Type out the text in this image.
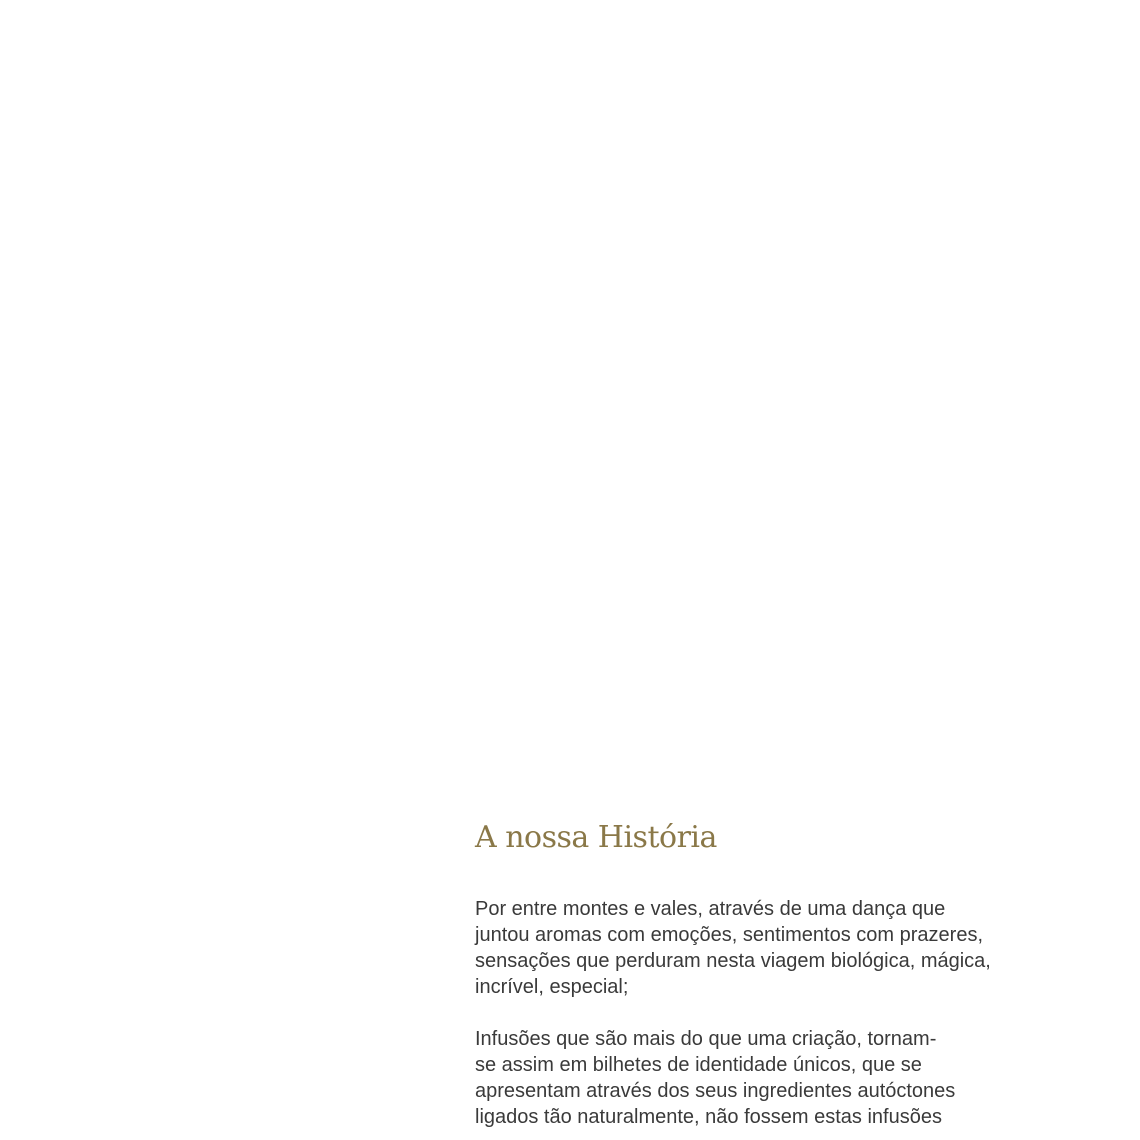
A nossa História

Por entre montes e vales, através de uma dança que
juntou aromas com emoções, sentimentos com prazeres,
sensações que perduram nesta viagem biológica, mágica,
incrível, especial;

Infusões que são mais do que uma criação, tornam-
se assim em bilhetes de identidade únicos, que se
apresentam através dos seus ingredientes autóctones
ligados tão naturalmente, não fossem estas infusões
